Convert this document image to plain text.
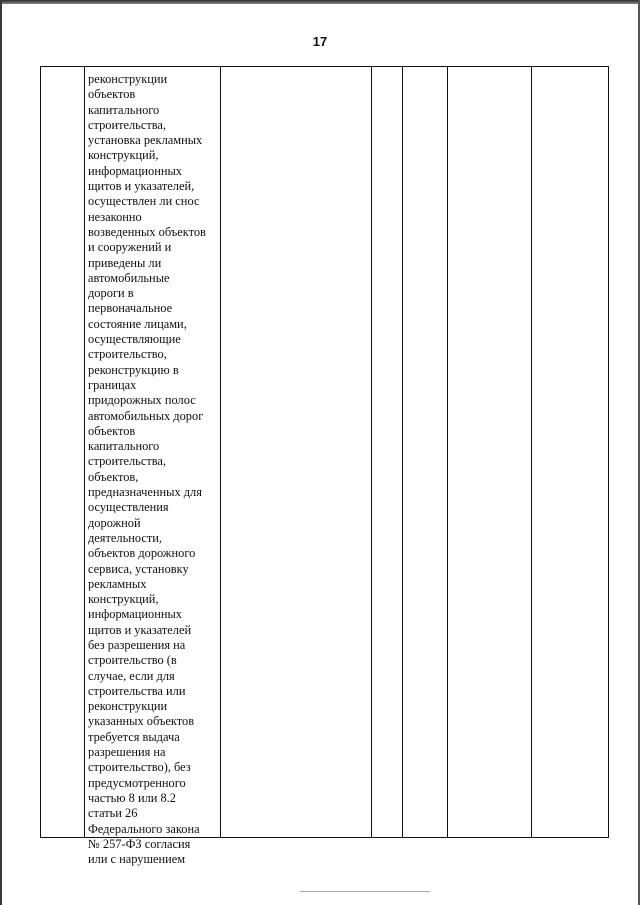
17
реконструкции
объектов
капитального
строительства,
установка рекламных
конструкций,
информационных
щитов и указателей,
осуществлен ли снос
незаконно
возведенных объектов
и сооружений и
приведены ли
автомобильные
дороги в
первоначальное
состояние лицами,
осуществляющие
строительство,
реконструкцию в
границах
придорожных полос
автомобильных дорог
объектов
капитального
строительства,
объектов,
предназначенных для
осуществления
дорожной
деятельности,
объектов дорожного
сервиса, установку
рекламных
конструкций,
информационных
щитов и указателей
без разрешения на
строительство (в
случае, если для
строительства или
реконструкции
указанных объектов
требуется выдача
разрешения на
строительство), без
предусмотренного
частью 8 или 8.2
статьи 26
Федерального закона
№ 257-ФЗ согласия
или с нарушением
